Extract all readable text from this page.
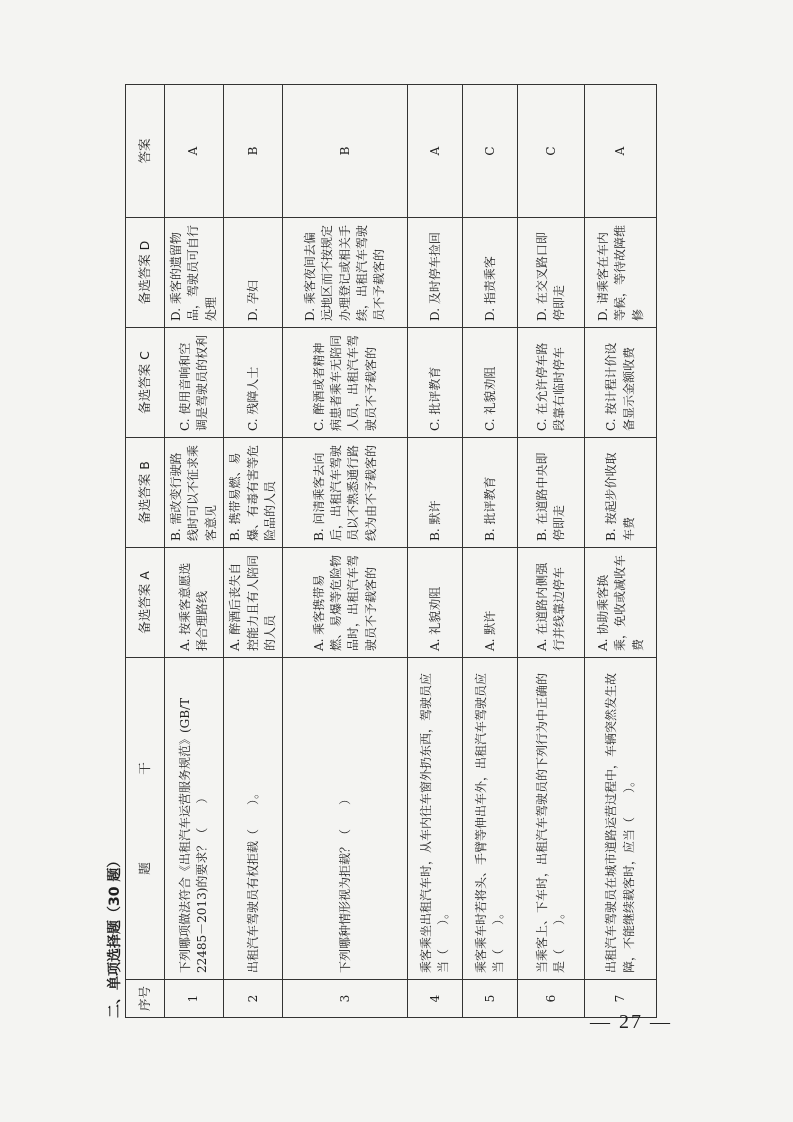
二、单项选择题（30 题） 序号	题　　　　　　　干	备选答案 A	备选答案 B	备选答案 C	备选答案 D	答案
1	下列哪项做法符合《出租汽车运营服务规范》(GB/T 22485－2013)的要求？（　　）	A. 按乘客意愿选择合理路线	B. 需改变行驶路线时可以不征求乘客意见	C. 使用音响和空调是驾驶员的权利	D. 乘客的遗留物品，驾驶员可自行处理	A
2	出租汽车驾驶员有权拒载（　　）。	A. 醉酒后丧失自控能力且有人陪同的人员	B. 携带易燃、易爆、有毒有害等危险品的人员	C. 残障人士	D. 孕妇	B
3	下列哪种情形视为拒载？（　　）	A. 乘客携带易燃、易爆等危险物品时，出租汽车驾驶员不予载客的	B. 问清乘客去向后，出租汽车驾驶员以不熟悉通行路线为由不予载客的	C. 醉酒或者精神病患者乘车无陪同人员，出租汽车驾驶员不予载客的	D. 乘客夜间去偏远地区而不按规定办理登记或相关手续，出租汽车驾驶员不予载客的	B
4	乘客乘坐出租汽车时，从车内往车窗外扔东西，驾驶员应当（　　）。	A. 礼貌劝阻	B. 默许	C. 批评教育	D. 及时停车捡回	A
5	乘客乘车时若将头、手臂等伸出车外，出租汽车驾驶员应当（　　）。	A. 默许	B. 批评教育	C. 礼貌劝阻	D. 指责乘客	C
6	当乘客上、下车时，出租汽车驾驶员的下列行为中正确的是（　　）。	A. 在道路内侧强行并线靠边停车	B. 在道路中央即停即走	C. 在允许停车路段靠右临时停车	D. 在交叉路口即停即走	C
7	出租汽车驾驶员在城市道路运营过程中，车辆突然发生故障，不能继续载客时，应当（　　）。	A. 协助乘客换乘，免收或减收车费	B. 按起步价收取车费	C. 按计程计价设备显示金额收费	D. 请乘客在车内等候，等待故障维修	A
— 27 —
